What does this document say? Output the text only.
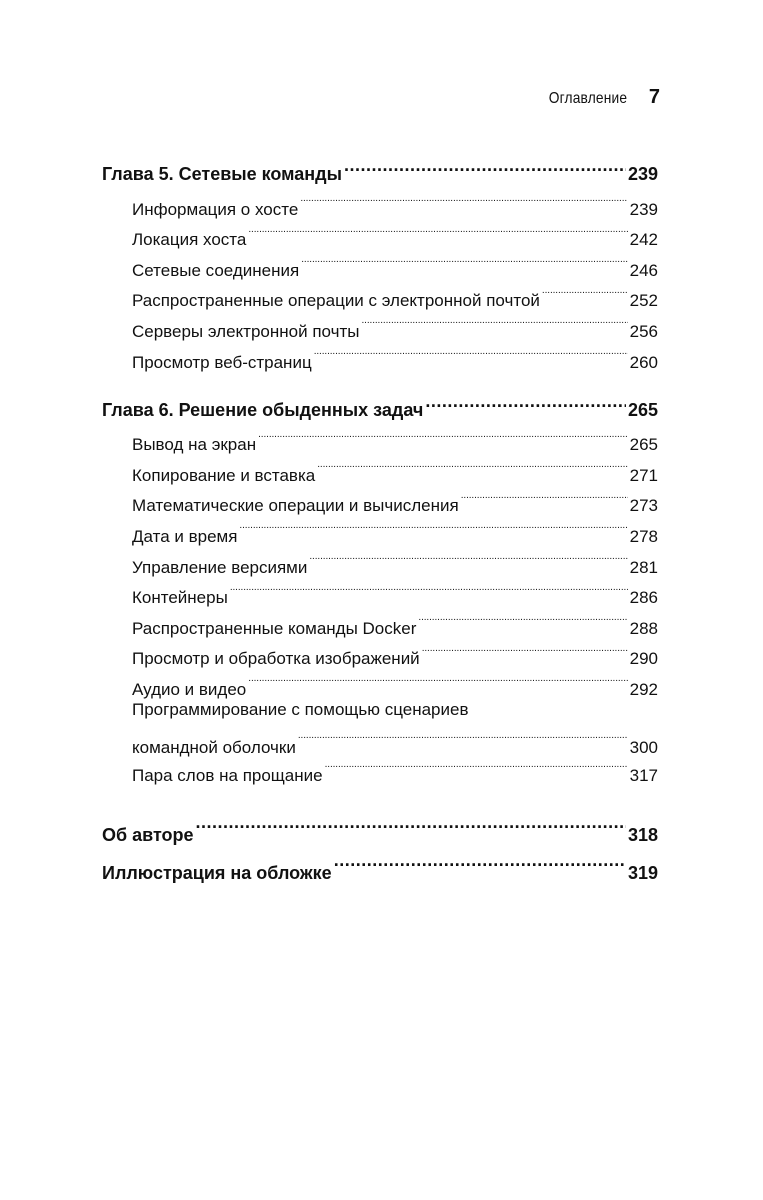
Оглавление 7
Глава 5. Сетевые команды .....	239
Информация о хосте .....	239
Локация хоста .....	242
Сетевые соединения .....	246
Распространенные операции с электронной почтой .....	252
Серверы электронной почты .....	256
Просмотр веб-страниц .....	260
Глава 6. Решение обыденных задач .....	265
Вывод на экран .....	265
Копирование и вставка .....	271
Математические операции и вычисления .....	273
Дата и время .....	278
Управление версиями .....	281
Контейнеры .....	286
Распространенные команды Docker .....	288
Просмотр и обработка изображений .....	290
Аудио и видео .....	292
Программирование с помощью сценариев
командной оболочки .....	300
Пара слов на прощание .....	317
Об авторе .....	318
Иллюстрация на обложке .....	319
